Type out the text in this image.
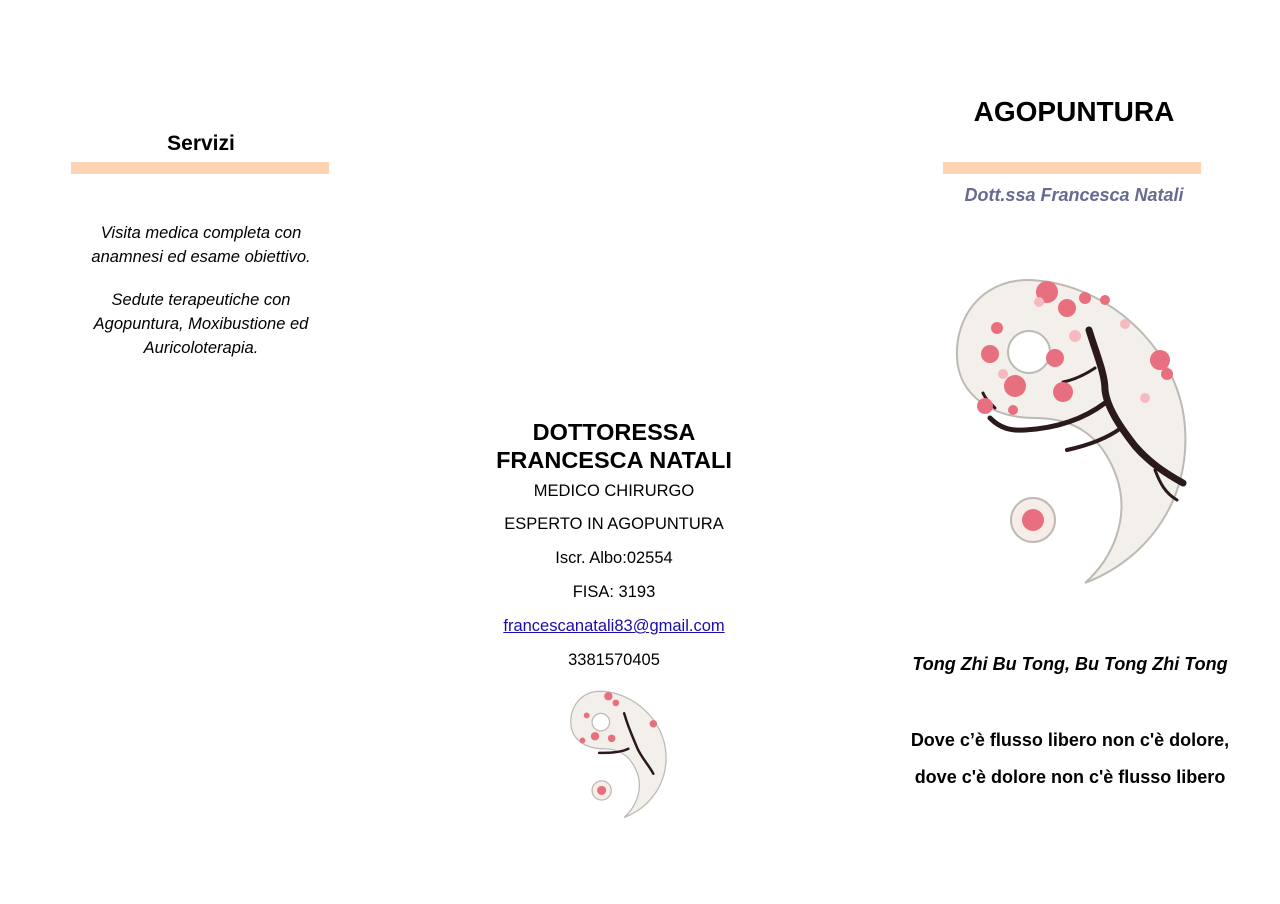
Servizi
Visita medica completa con
anamnesi ed esame obiettivo.
Sedute terapeutiche con
Agopuntura, Moxibustione ed
Auricoloterapia.
DOTTORESSA
FRANCESCA NATALI
MEDICO CHIRURGO
ESPERTO IN AGOPUNTURA
Iscr. Albo:02554
FISA: 3193
francescanatali83@gmail.com
3381570405
AGOPUNTURA
Dott.ssa Francesca Natali
Tong Zhi Bu Tong, Bu Tong Zhi Tong
Dove c’è flusso libero non c'è dolore,
dove c'è dolore non c'è flusso libero
